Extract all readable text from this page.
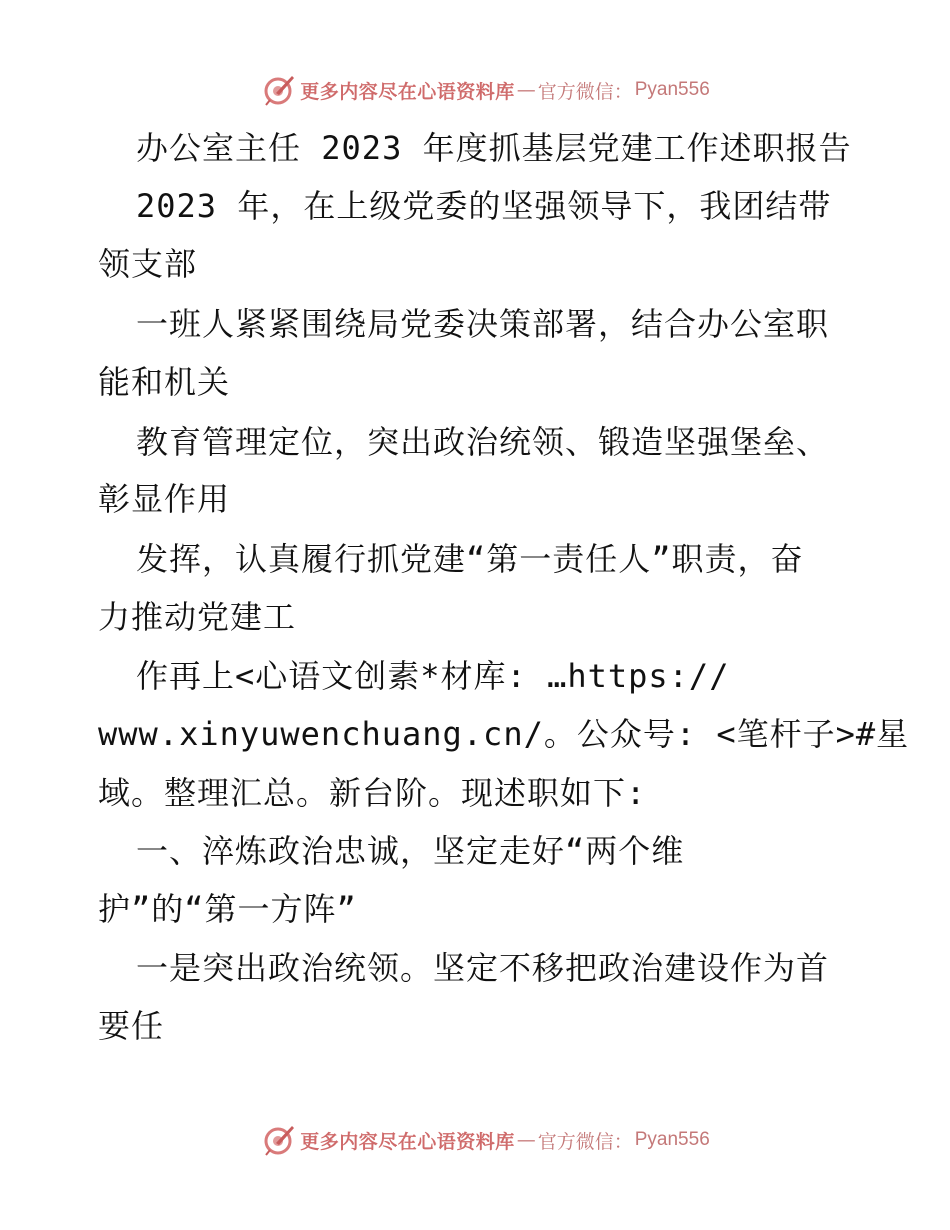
更多内容尽在心语资料库 — 官方微信： Pyan556
办公室主任 2023 年度抓基层党建工作述职报告
2023 年，在上级党委的坚强领导下，我团结带
领支部
一班人紧紧围绕局党委决策部署，结合办公室职
能和机关
教育管理定位，突出政治统领、锻造坚强堡垒、
彰显作用
发挥，认真履行抓党建“第一责任人”职责，奋
力推动党建工
作再上<心语文创素*材库: …https://
www.xinyuwenchuang.cn/。公众号: <笔杆子>#星
域。整理汇总。新台阶。现述职如下:
一、淬炼政治忠诚，坚定走好“两个维
护”的“第一方阵”
一是突出政治统领。坚定不移把政治建设作为首
要任
更多内容尽在心语资料库 — 官方微信： Pyan556
